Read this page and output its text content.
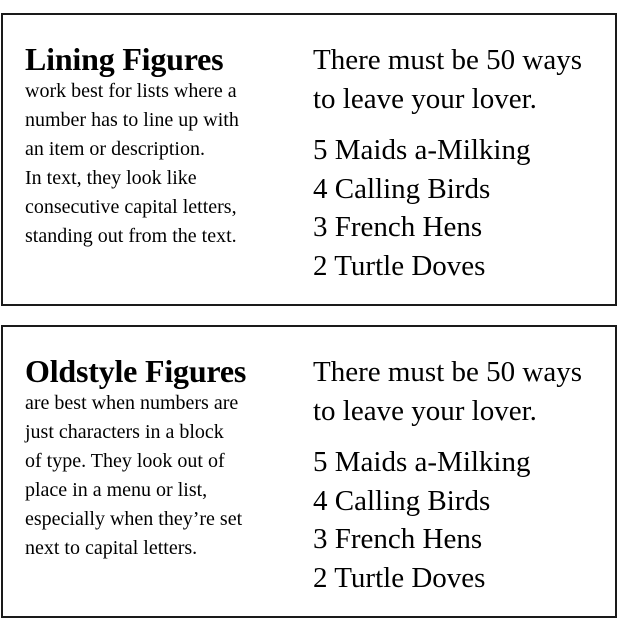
Lining Figures

work best for lists where a
number has to line up with
an item or description.
In text, they look like
consecutive capital letters,
standing out from the text.

There must be 50 ways
to leave your lover.

5 Maids a-Milking
4 Calling Birds
3 French Hens
2 Turtle Doves
Oldstyle Figures

are best when numbers are
just characters in a block
of type. They look out of
place in a menu or list,
especially when they’re set
next to capital letters.

There must be 50 ways
to leave your lover.

5 Maids a-Milking
4 Calling Birds
3 French Hens
2 Turtle Doves
